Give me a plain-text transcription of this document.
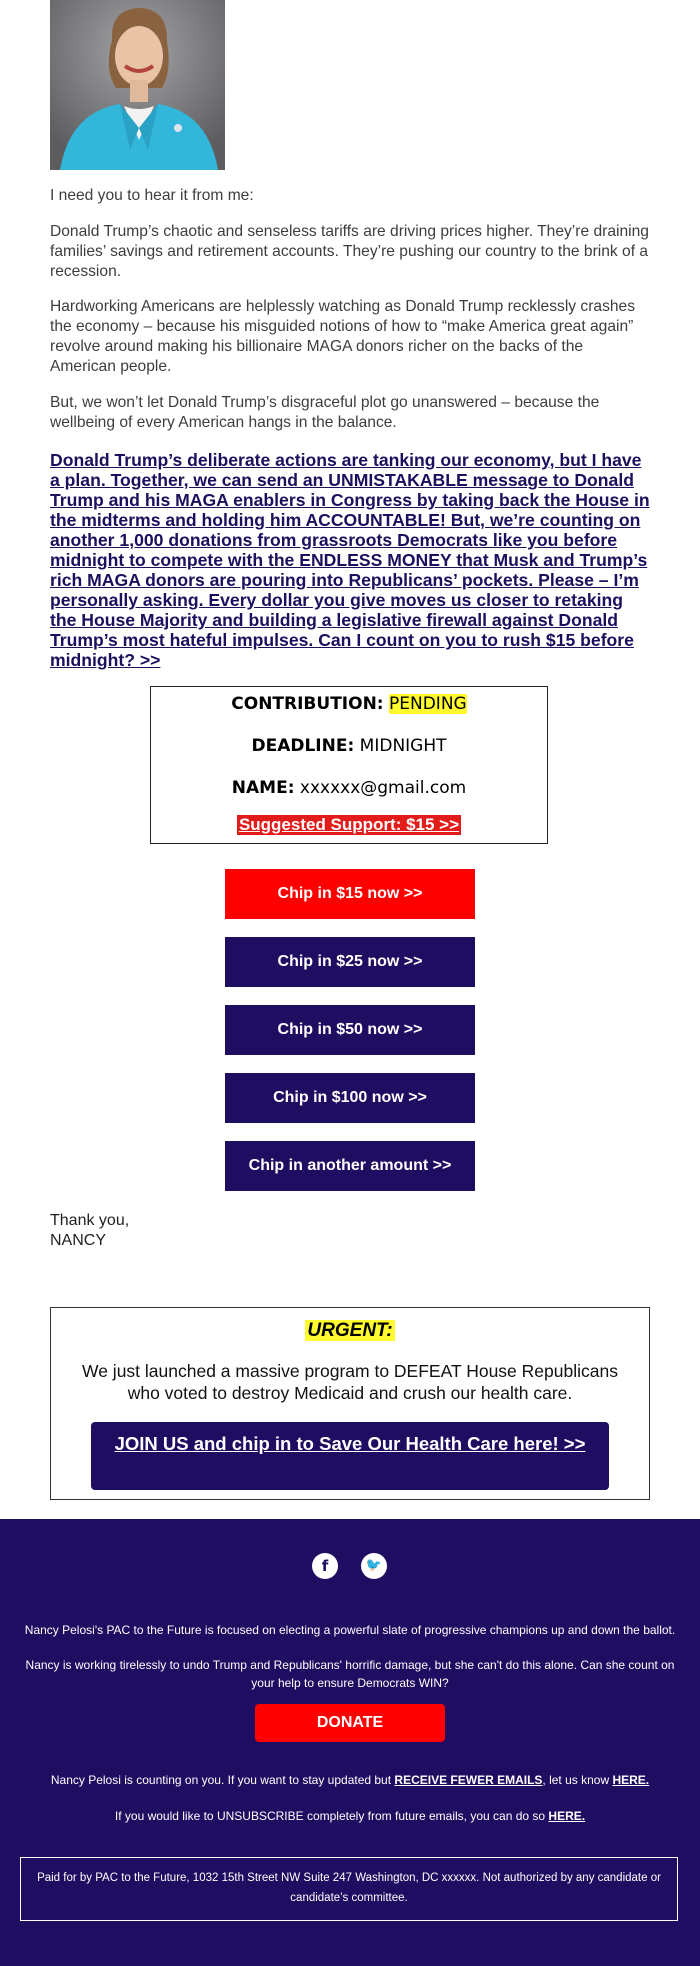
I need you to hear it from me:

Donald Trump’s chaotic and senseless tariffs are driving prices higher. They’re draining families’ savings and retirement accounts. They’re pushing our country to the brink of a recession.

Hardworking Americans are helplessly watching as Donald Trump recklessly crashes the economy – because his misguided notions of how to “make America great again” revolve around making his billionaire MAGA donors richer on the backs of the American people.

But, we won’t let Donald Trump’s disgraceful plot go unanswered – because the wellbeing of every American hangs in the balance.

Donald Trump’s deliberate actions are tanking our economy, but I have a plan. Together, we can send an UNMISTAKABLE message to Donald Trump and his MAGA enablers in Congress by taking back the House in the midterms and holding him ACCOUNTABLE! But, we’re counting on another 1,000 donations from grassroots Democrats like you before midnight to compete with the ENDLESS MONEY that Musk and Trump’s rich MAGA donors are pouring into Republicans’ pockets. Please – I’m personally asking. Every dollar you give moves us closer to retaking the House Majority and building a legislative firewall against Donald Trump’s most hateful impulses. Can I count on you to rush $15 before midnight? >>
CONTRIBUTION: PENDING
DEADLINE: MIDNIGHT
NAME: xxxxxx@gmail.com
Suggested Support: $15 >>
Chip in $15 now >>
Chip in $25 now >>
Chip in $50 now >>
Chip in $100 now >>
Chip in another amount >>
Thank you,
NANCY
URGENT:
We just launched a massive program to DEFEAT House Republicans who voted to destroy Medicaid and crush our health care.
JOIN US and chip in to Save Our Health Care here! >>
f	🐦
Nancy Pelosi's PAC to the Future is focused on electing a powerful slate of progressive champions up and down the ballot.
Nancy is working tirelessly to undo Trump and Republicans' horrific damage, but she can't do this alone. Can she count on your help to ensure Democrats WIN?
DONATE
Nancy Pelosi is counting on you. If you want to stay updated but RECEIVE FEWER EMAILS, let us know HERE.
If you would like to UNSUBSCRIBE completely from future emails, you can do so HERE.
Paid for by PAC to the Future, 1032 15th Street NW Suite 247 Washington, DC xxxxxx. Not authorized by any candidate or candidate’s committee.
